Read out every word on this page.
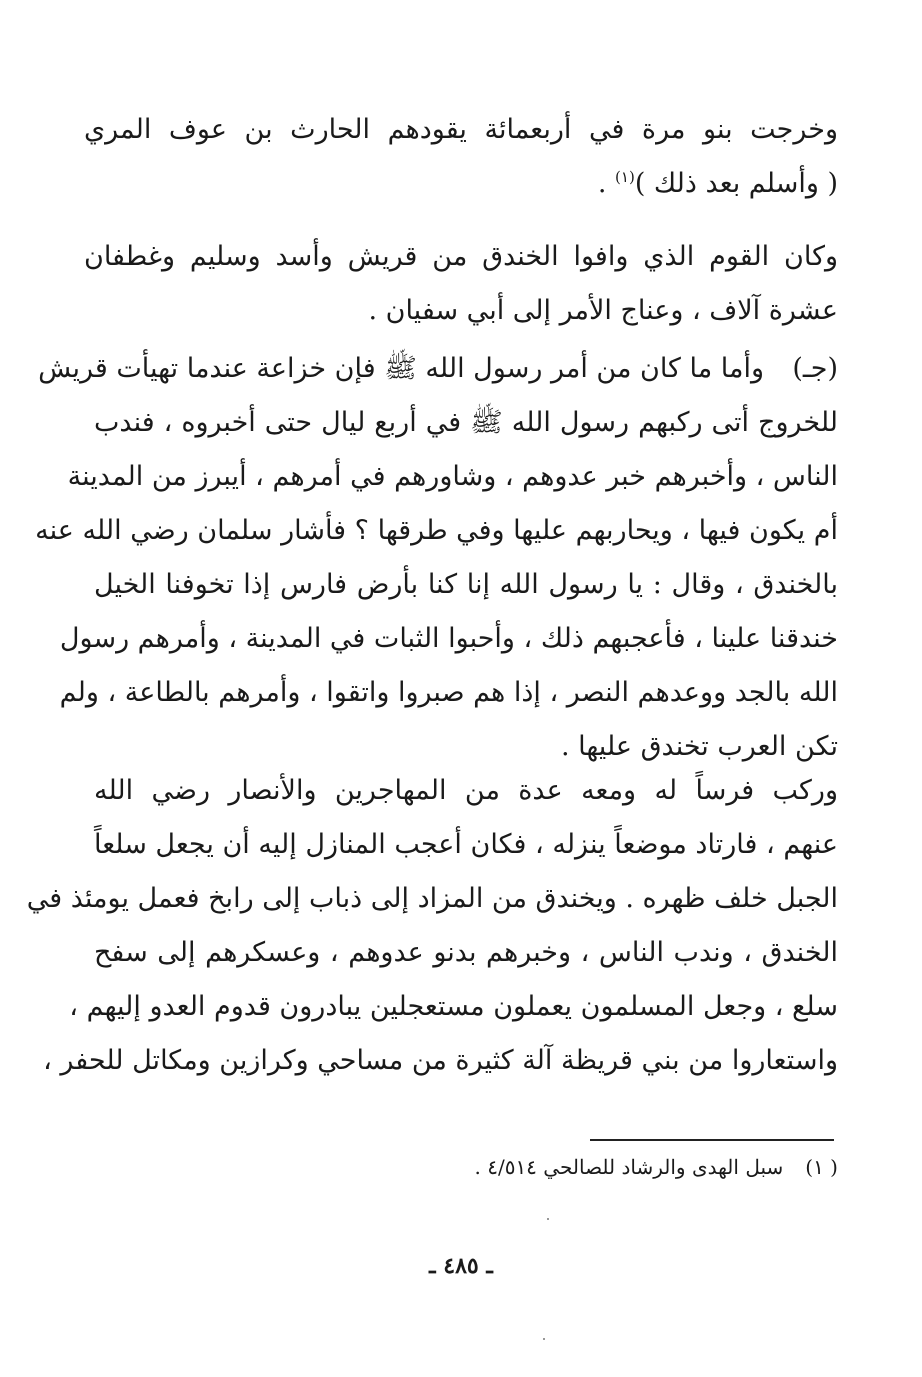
وخرجت بنو مرة في أربعمائة يقودهم الحارث بن عوف المري

( وأسلم بعد ذلك )$^{(١)}$ .

وكان القوم الذي وافوا الخندق من قريش وأسد وسليم وغطفان

عشرة آلاف ، وعناج الأمر إلى أبي سفيان .

(جـ)

وأما ما كان من أمر رسول الله ﷺ فإن خزاعة عندما تهيأت قريش

للخروج أتى ركبهم رسول الله ﷺ في أربع ليال حتى أخبروه ، فندب

الناس ، وأخبرهم خبر عدوهم ، وشاورهم في أمرهم ، أيبرز من المدينة

أم يكون فيها ، ويحاربهم عليها وفي طرقها ؟ فأشار سلمان رضي الله عنه

بالخندق ، وقال : يا رسول الله إنا كنا بأرض فارس إذا تخوفنا الخيل

خندقنا علينا ، فأعجبهم ذلك ، وأحبوا الثبات في المدينة ، وأمرهم رسول

الله بالجد ووعدهم النصر ، إذا هم صبروا واتقوا ، وأمرهم بالطاعة ، ولم

تكن العرب تخندق عليها .

وركب فرساً له ومعه عدة من المهاجرين والأنصار رضي الله

عنهم ، فارتاد موضعاً ينزله ، فكان أعجب المنازل إليه أن يجعل سلعاً

الجبل خلف ظهره . ويخندق من المزاد إلى ذباب إلى رابخ فعمل يومئذ في

الخندق ، وندب الناس ، وخبرهم بدنو عدوهم ، وعسكرهم إلى سفح

سلع ، وجعل المسلمون يعملون مستعجلين يبادرون قدوم العدو إليهم ،

واستعاروا من بني قريظة آلة كثيرة من مساحي وكرازين ومكاتل للحفر ،

( ١)سبل الهدى والرشاد للصالحي ٤/٥١٤ .
ـ ٤٨٥ ـ
